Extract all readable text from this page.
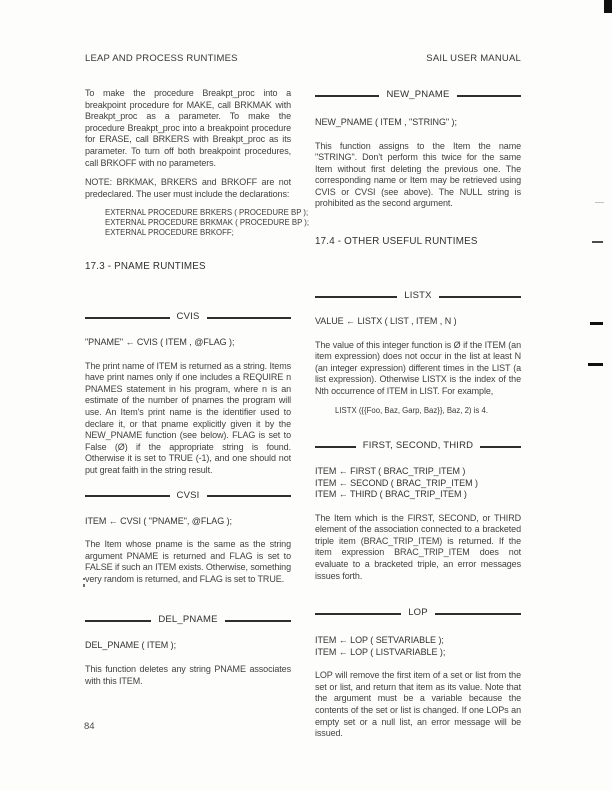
LEAP AND PROCESS RUNTIMES	SAIL USER MANUAL

To make the procedure Breakpt_proc into a breakpoint procedure for MAKE, call BRKMAK with Breakpt_proc as a parameter. To make the procedure Breakpt_proc into a breakpoint procedure for ERASE, call BRKERS with Breakpt_proc as its parameter. To turn off both breakpoint procedures, call BRKOFF with no parameters.

NOTE: BRKMAK, BRKERS and BRKOFF are not predeclared. The user must include the declarations:

EXTERNAL PROCEDURE BRKERS ( PROCEDURE BP );
EXTERNAL PROCEDURE BRKMAK ( PROCEDURE BP );
EXTERNAL PROCEDURE BRKOFF;
17.3 - PNAME RUNTIMES
CVIS
"PNAME" ← CVIS ( ITEM , @FLAG );

The print name of ITEM is returned as a string. Items have print names only if one includes a REQUIRE n PNAMES statement in his program, where n is an estimate of the number of pnames the program will use. An Item's print name is the identifier used to declare it, or that pname explicitly given it by the NEW_PNAME function (see below). FLAG is set to False (Ø) if the appropriate string is found. Otherwise it is set to TRUE (-1), and one should not put great faith in the string result.

CVSI
ITEM ← CVSI ( "PNAME", @FLAG );

The Item whose pname is the same as the string argument PNAME is returned and FLAG is set to FALSE if such an ITEM exists. Otherwise, something very random is returned, and FLAG is set to TRUE.

DEL_PNAME
DEL_PNAME ( ITEM );

This function deletes any string PNAME associates with this ITEM.

NEW_PNAME
NEW_PNAME ( ITEM , "STRING" );

This function assigns to the Item the name "STRING". Don't perform this twice for the same Item without first deleting the previous one. The corresponding name or Item may be retrieved using CVIS or CVSI (see above). The NULL string is prohibited as the second argument.

17.4 - OTHER USEFUL RUNTIMES
LISTX
VALUE ← LISTX ( LIST , ITEM , N )

The value of this integer function is Ø if the ITEM (an item expression) does not occur in the list at least N (an integer expression) different times in the LIST (a list expression). Otherwise LISTX is the index of the Nth occurrence of ITEM in LIST. For example,

LISTX ({{Foo, Baz, Garp, Baz}}, Baz, 2) is 4.
FIRST, SECOND, THIRD
ITEM ← FIRST ( BRAC_TRIP_ITEM )
ITEM ← SECOND ( BRAC_TRIP_ITEM )
ITEM ← THIRD ( BRAC_TRIP_ITEM )

The Item which is the FIRST, SECOND, or THIRD element of the association connected to a bracketed triple item (BRAC_TRIP_ITEM) is returned. If the item expression BRAC_TRIP_ITEM does not evaluate to a bracketed triple, an error messages issues forth.

LOP
ITEM ← LOP ( SETVARIABLE );
ITEM ← LOP ( LISTVARIABLE );

LOP will remove the first item of a set or list from the set or list, and return that item as its value. Note that the argument must be a variable because the contents of the set or list is changed. If one LOPs an empty set or a null list, an error message will be issued.

84
